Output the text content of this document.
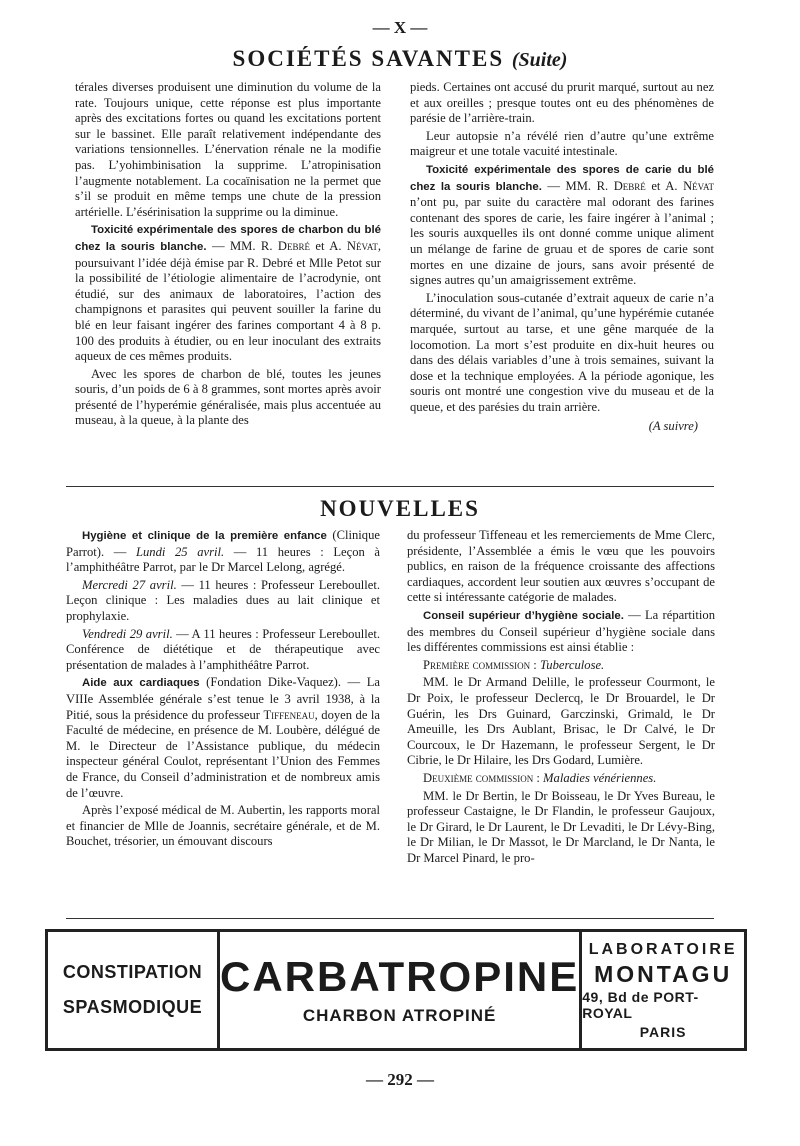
— X —
SOCIÉTÉS SAVANTES (Suite)

térales diverses produisent une diminution du volume de la rate. Toujours unique, cette réponse est plus importante après des excitations fortes ou quand les excitations portent sur le bassinet. Elle paraît relativement indépendante des variations tensionnelles. L’énervation rénale ne la modifie pas. L’yohimbinisation la supprime. L’atropinisation l’augmente notablement. La cocaïnisation ne la permet que s’il se produit en même temps une chute de la pression artérielle. L’ésérinisation la supprime ou la diminue.

Toxicité expérimentale des spores de charbon du blé chez la souris blanche. — MM. R. Debré et A. Névat, poursuivant l’idée déjà émise par R. Debré et Mlle Petot sur la possibilité de l’étiologie alimentaire de l’acrodynie, ont étudié, sur des animaux de laboratoires, l’action des champignons et parasites qui peuvent souiller la farine du blé en leur faisant ingérer des farines comportant 4 à 8 p. 100 des produits à étudier, ou en leur inoculant des extraits aqueux de ces mêmes produits.

Avec les spores de charbon de blé, toutes les jeunes souris, d’un poids de 6 à 8 grammes, sont mortes après avoir présenté de l’hyperémie généralisée, mais plus accentuée au museau, à la queue, à la plante des

pieds. Certaines ont accusé du prurit marqué, surtout au nez et aux oreilles ; presque toutes ont eu des phénomènes de parésie de l’arrière-train.

Leur autopsie n’a révélé rien d’autre qu’une extrême maigreur et une totale vacuité intestinale.

Toxicité expérimentale des spores de carie du blé chez la souris blanche. — MM. R. Debré et A. Névat n’ont pu, par suite du caractère mal odorant des farines contenant des spores de carie, les faire ingérer à l’animal ; les souris auxquelles ils ont donné comme unique aliment un mélange de farine de gruau et de spores de carie sont mortes en une dizaine de jours, sans avoir présenté de signes autres qu’un amaigrissement extrême.

L’inoculation sous-cutanée d’extrait aqueux de carie n’a déterminé, du vivant de l’animal, qu’une hypérémie cutanée marquée, surtout au tarse, et une gêne marquée de la locomotion. La mort s’est produite en dix-huit heures ou dans des délais variables d’une à trois semaines, suivant la dose et la technique employées. A la période agonique, les souris ont montré une congestion vive du museau et de la queue, et des parésies du train arrière.

(A suivre)
NOUVELLES

Hygiène et clinique de la première enfance (Clinique Parrot). — Lundi 25 avril. — 11 heures : Leçon à l’amphithéâtre Parrot, par le Dr Marcel Lelong, agrégé.

Mercredi 27 avril. — 11 heures : Professeur Lereboullet. Leçon clinique : Les maladies dues au lait clinique et prophylaxie.

Vendredi 29 avril. — A 11 heures : Professeur Lereboullet. Conférence de diététique et de thérapeutique avec présentation de malades à l’amphithéâtre Parrot.

Aide aux cardiaques (Fondation Dike-Vaquez). — La VIIIe Assemblée générale s’est tenue le 3 avril 1938, à la Pitié, sous la présidence du professeur Tiffeneau, doyen de la Faculté de médecine, en présence de M. Loubère, délégué de M. le Directeur de l’Assistance publique, du médecin inspecteur général Coulot, représentant l’Union des Femmes de France, du Conseil d’administration et de nombreux amis de l’œuvre.

Après l’exposé médical de M. Aubertin, les rapports moral et financier de Mlle de Joannis, secrétaire générale, et de M. Bouchet, trésorier, un émouvant discours

du professeur Tiffeneau et les remerciements de Mme Clerc, présidente, l’Assemblée a émis le vœu que les pouvoirs publics, en raison de la fréquence croissante des affections cardiaques, accordent leur soutien aux œuvres s’occupant de cette si intéressante catégorie de malades.

Conseil supérieur d’hygiène sociale. — La répartition des membres du Conseil supérieur d’hygiène sociale dans les différentes commissions est ainsi établie :

Première commission : Tuberculose.

MM. le Dr Armand Delille, le professeur Courmont, le Dr Poix, le professeur Declercq, le Dr Brouardel, le Dr Guérin, les Drs Guinard, Garczinski, Grimald, le Dr Ameuille, les Drs Aublant, Brisac, le Dr Calvé, le Dr Courcoux, le Dr Hazemann, le professeur Sergent, le Dr Cibrie, le Dr Hilaire, les Drs Godard, Lumière.

Deuxième commission : Maladies vénériennes.

MM. le Dr Bertin, le Dr Boisseau, le Dr Yves Bureau, le professeur Castaigne, le Dr Flandin, le professeur Gaujoux, le Dr Girard, le Dr Laurent, le Dr Levaditi, le Dr Lévy-Bing, le Dr Milian, le Dr Massot, le Dr Marcland, le Dr Nanta, le Dr Marcel Pinard, le pro-

CONSTIPATION
SPASMODIQUE
CARBATROPINE
CHARBON ATROPINÉ
LABORATOIRE
MONTAGU
49, Bd de PORT-ROYAL
PARIS
— 292 —
